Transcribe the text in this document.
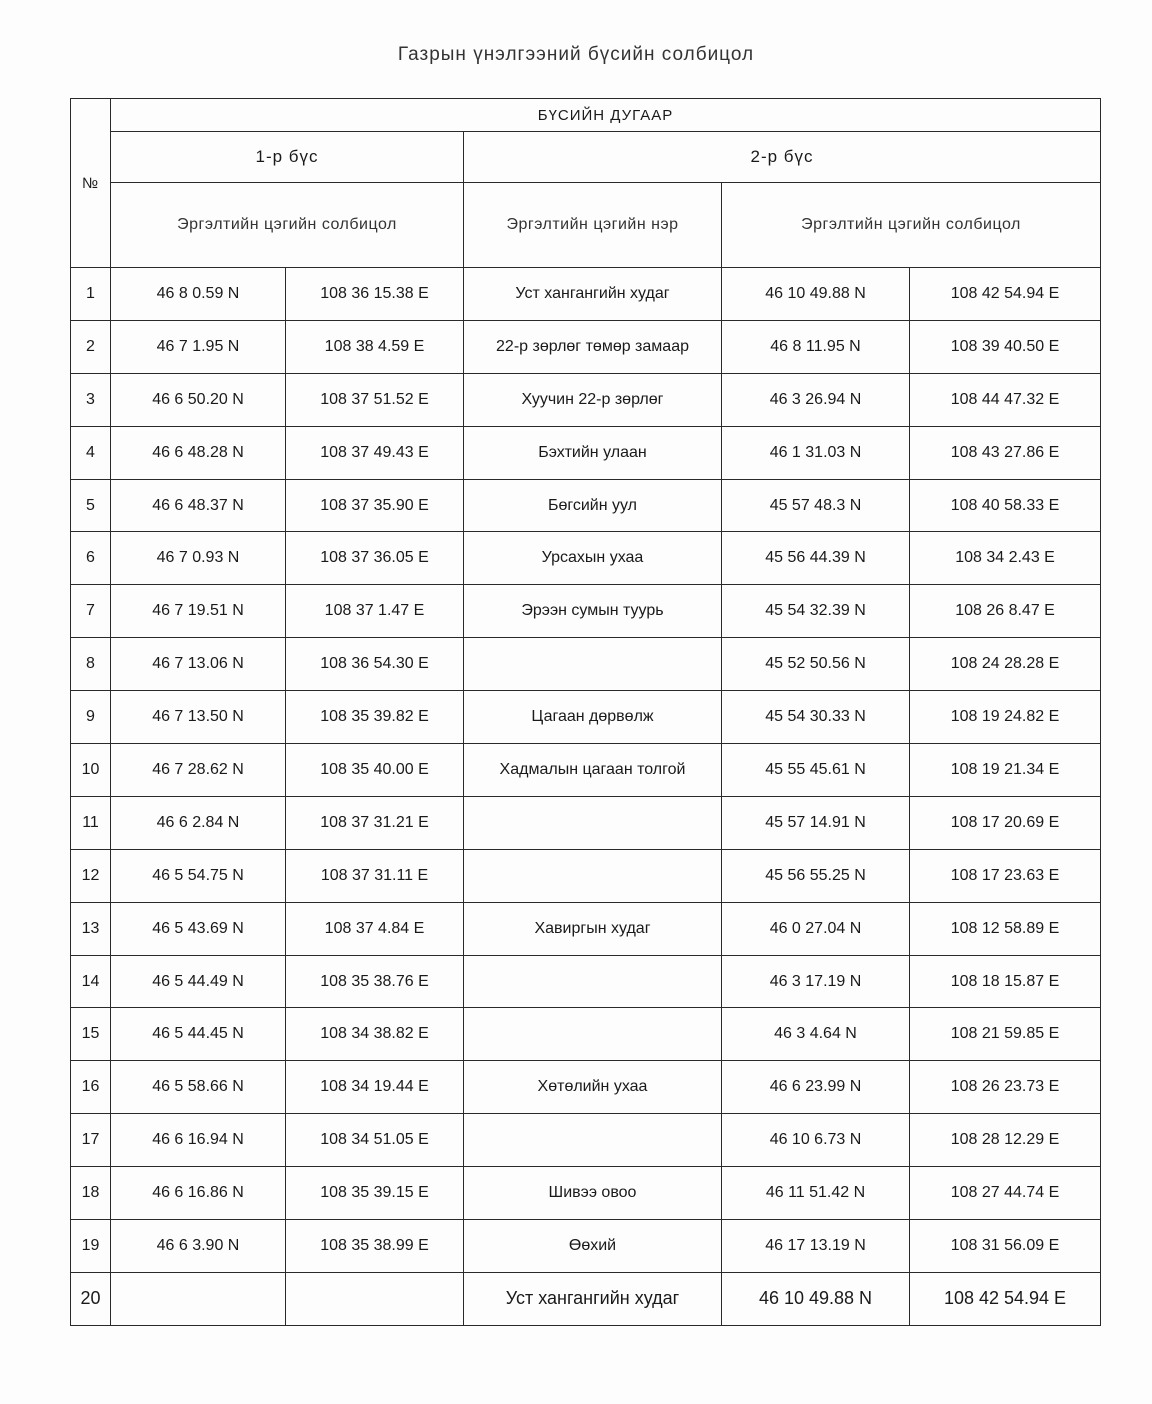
Газрын үнэлгээний бүсийн солбицол
№	БҮСИЙН ДУГААР				
	1-р бүс		2-р бүс		
	Эргэлтийн цэгийн солбицол		Эргэлтийн цэгийн нэр	Эргэлтийн цэгийн солбицол	
1	46 8 0.59 N	108 36 15.38 E	Уст хангангийн худаг	46 10 49.88 N	108 42 54.94 E
2	46 7 1.95 N	108 38 4.59 E	22-р зөрлөг төмөр замаар	46 8 11.95 N	108 39 40.50 E
3	46 6 50.20 N	108 37 51.52 E	Хуучин 22-р зөрлөг	46 3 26.94 N	108 44 47.32 E
4	46 6 48.28 N	108 37 49.43 E	Бэхтийн улаан	46 1 31.03 N	108 43 27.86 E
5	46 6 48.37 N	108 37 35.90 E	Бөгсийн уул	45 57 48.3 N	108 40 58.33 E
6	46 7 0.93 N	108 37 36.05 E	Урсахын ухаа	45 56 44.39 N	108 34 2.43 E
7	46 7 19.51 N	108 37 1.47 E	Эрээн сумын туурь	45 54 32.39 N	108 26 8.47 E
8	46 7 13.06 N	108 36 54.30 E		45 52 50.56 N	108 24 28.28 E
9	46 7 13.50 N	108 35 39.82 E	Цагаан дөрвөлж	45 54 30.33 N	108 19 24.82 E
10	46 7 28.62 N	108 35 40.00 E	Хадмалын цагаан толгой	45 55 45.61 N	108 19 21.34 E
11	46 6 2.84 N	108 37 31.21 E		45 57 14.91 N	108 17 20.69 E
12	46 5 54.75 N	108 37 31.11 E		45 56 55.25 N	108 17 23.63 E
13	46 5 43.69 N	108 37 4.84 E	Хавиргын худаг	46 0 27.04 N	108 12 58.89 E
14	46 5 44.49 N	108 35 38.76 E		46 3 17.19 N	108 18 15.87 E
15	46 5 44.45 N	108 34 38.82 E		46 3 4.64 N	108 21 59.85 E
16	46 5 58.66 N	108 34 19.44 E	Хөтөлийн ухаа	46 6 23.99 N	108 26 23.73 E
17	46 6 16.94 N	108 34 51.05 E		46 10 6.73 N	108 28 12.29 E
18	46 6 16.86 N	108 35 39.15 E	Шивээ овоо	46 11 51.42 N	108 27 44.74 E
19	46 6 3.90 N	108 35 38.99 E	Өөхий	46 17 13.19 N	108 31 56.09 E
20			Уст хангангийн худаг	46 10 49.88 N	108 42 54.94 E
